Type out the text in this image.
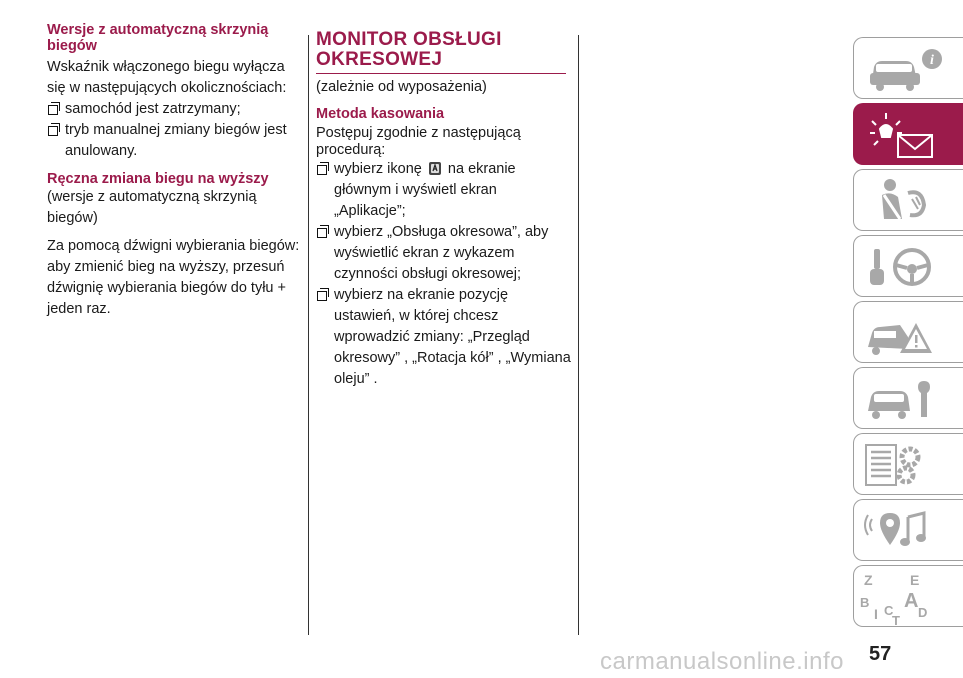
Wersje z automatyczną skrzynią biegów

Wskaźnik włączonego biegu wyłącza się w następujących okolicznościach:

samochód jest zatrzymany;
tryb manualnej zmiany biegów jest anulowany.

Ręczna zmiana biegu na wyższy

(wersje z automatyczną skrzynią biegów)

Za pomocą dźwigni wybierania biegów: aby zmienić bieg na wyższy, przesuń dźwignię wybierania biegów do tyłu + jeden raz.

MONITOR OBSŁUGI OKRESOWEJ

(zależnie od wyposażenia)

Metoda kasowania

Postępuj zgodnie z następującą procedurą:

wybierz ikonę na ekranie głównym i wyświetl ekran „Aplikacje”;
wybierz „Obsługa okresowa”, aby wyświetlić ekran z wykazem czynności obsługi okresowej;
wybierz na ekranie pozycję ustawień, w której chcesz wprowadzić zmiany: „Przegląd okresowy” , „Rotacja kół” , „Wymiana oleju” .
i
Z	E
B A
I C D
T
57
carmanualsonline.info
